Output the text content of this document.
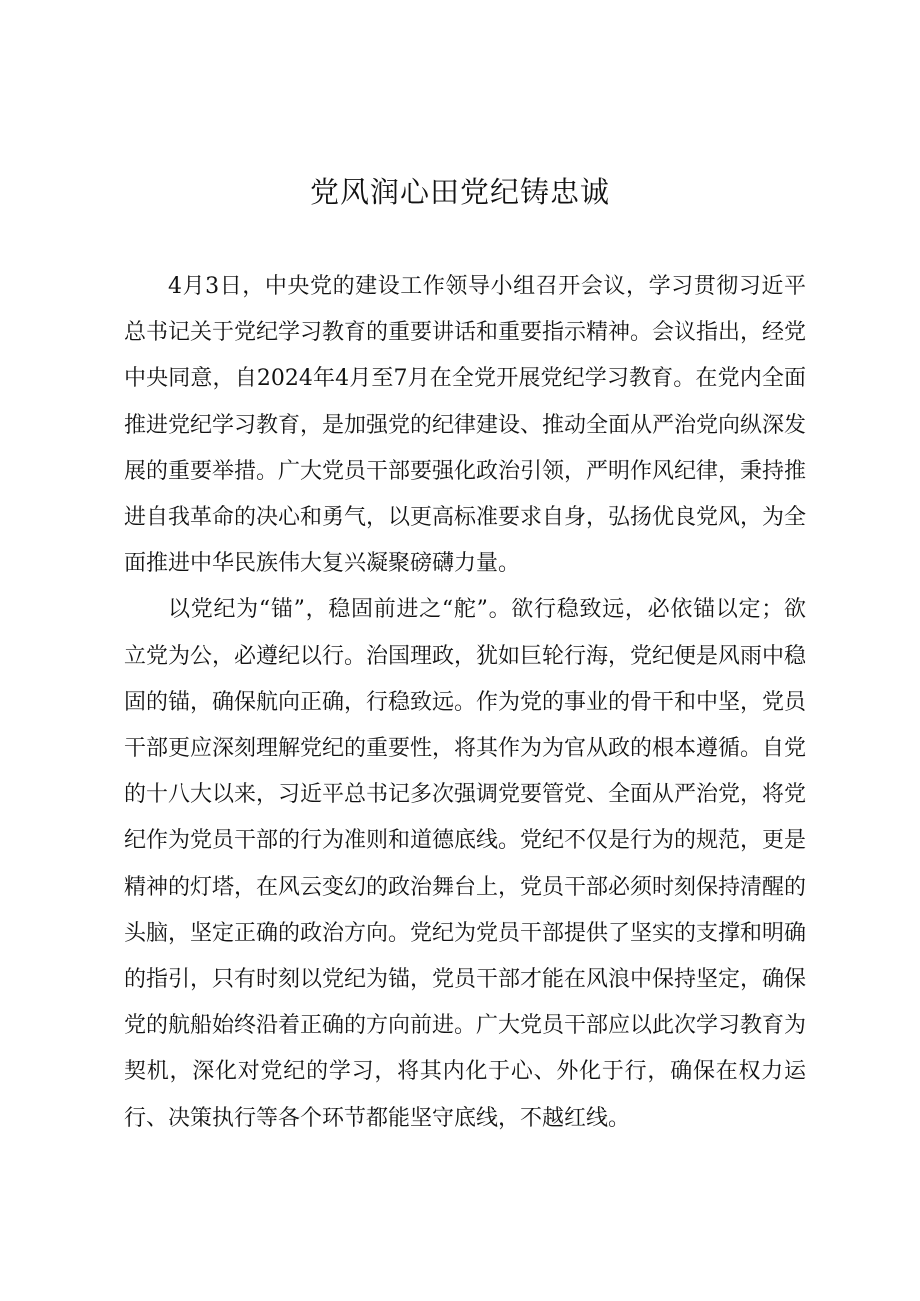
党风润心田党纪铸忠诚

4月3日，中央党的建设工作领导小组召开会议，学习贯彻习近平总书记关于党纪学习教育的重要讲话和重要指示精神。会议指出，经党中央同意，自2024年4月至7月在全党开展党纪学习教育。在党内全面推进党纪学习教育，是加强党的纪律建设、推动全面从严治党向纵深发展的重要举措。广大党员干部要强化政治引领，严明作风纪律，秉持推进自我革命的决心和勇气，以更高标准要求自身，弘扬优良党风，为全面推进中华民族伟大复兴凝聚磅礴力量。

以党纪为“锚”，稳固前进之“舵”。欲行稳致远，必依锚以定；欲立党为公，必遵纪以行。治国理政，犹如巨轮行海，党纪便是风雨中稳固的锚，确保航向正确，行稳致远。作为党的事业的骨干和中坚，党员干部更应深刻理解党纪的重要性，将其作为为官从政的根本遵循。自党的十八大以来，习近平总书记多次强调党要管党、全面从严治党，将党纪作为党员干部的行为准则和道德底线。党纪不仅是行为的规范，更是精神的灯塔，在风云变幻的政治舞台上，党员干部必须时刻保持清醒的头脑，坚定正确的政治方向。党纪为党员干部提供了坚实的支撑和明确的指引，只有时刻以党纪为锚，党员干部才能在风浪中保持坚定，确保党的航船始终沿着正确的方向前进。广大党员干部应以此次学习教育为契机，深化对党纪的学习，将其内化于心、外化于行，确保在权力运行、决策执行等各个环节都能坚守底线，不越红线。
